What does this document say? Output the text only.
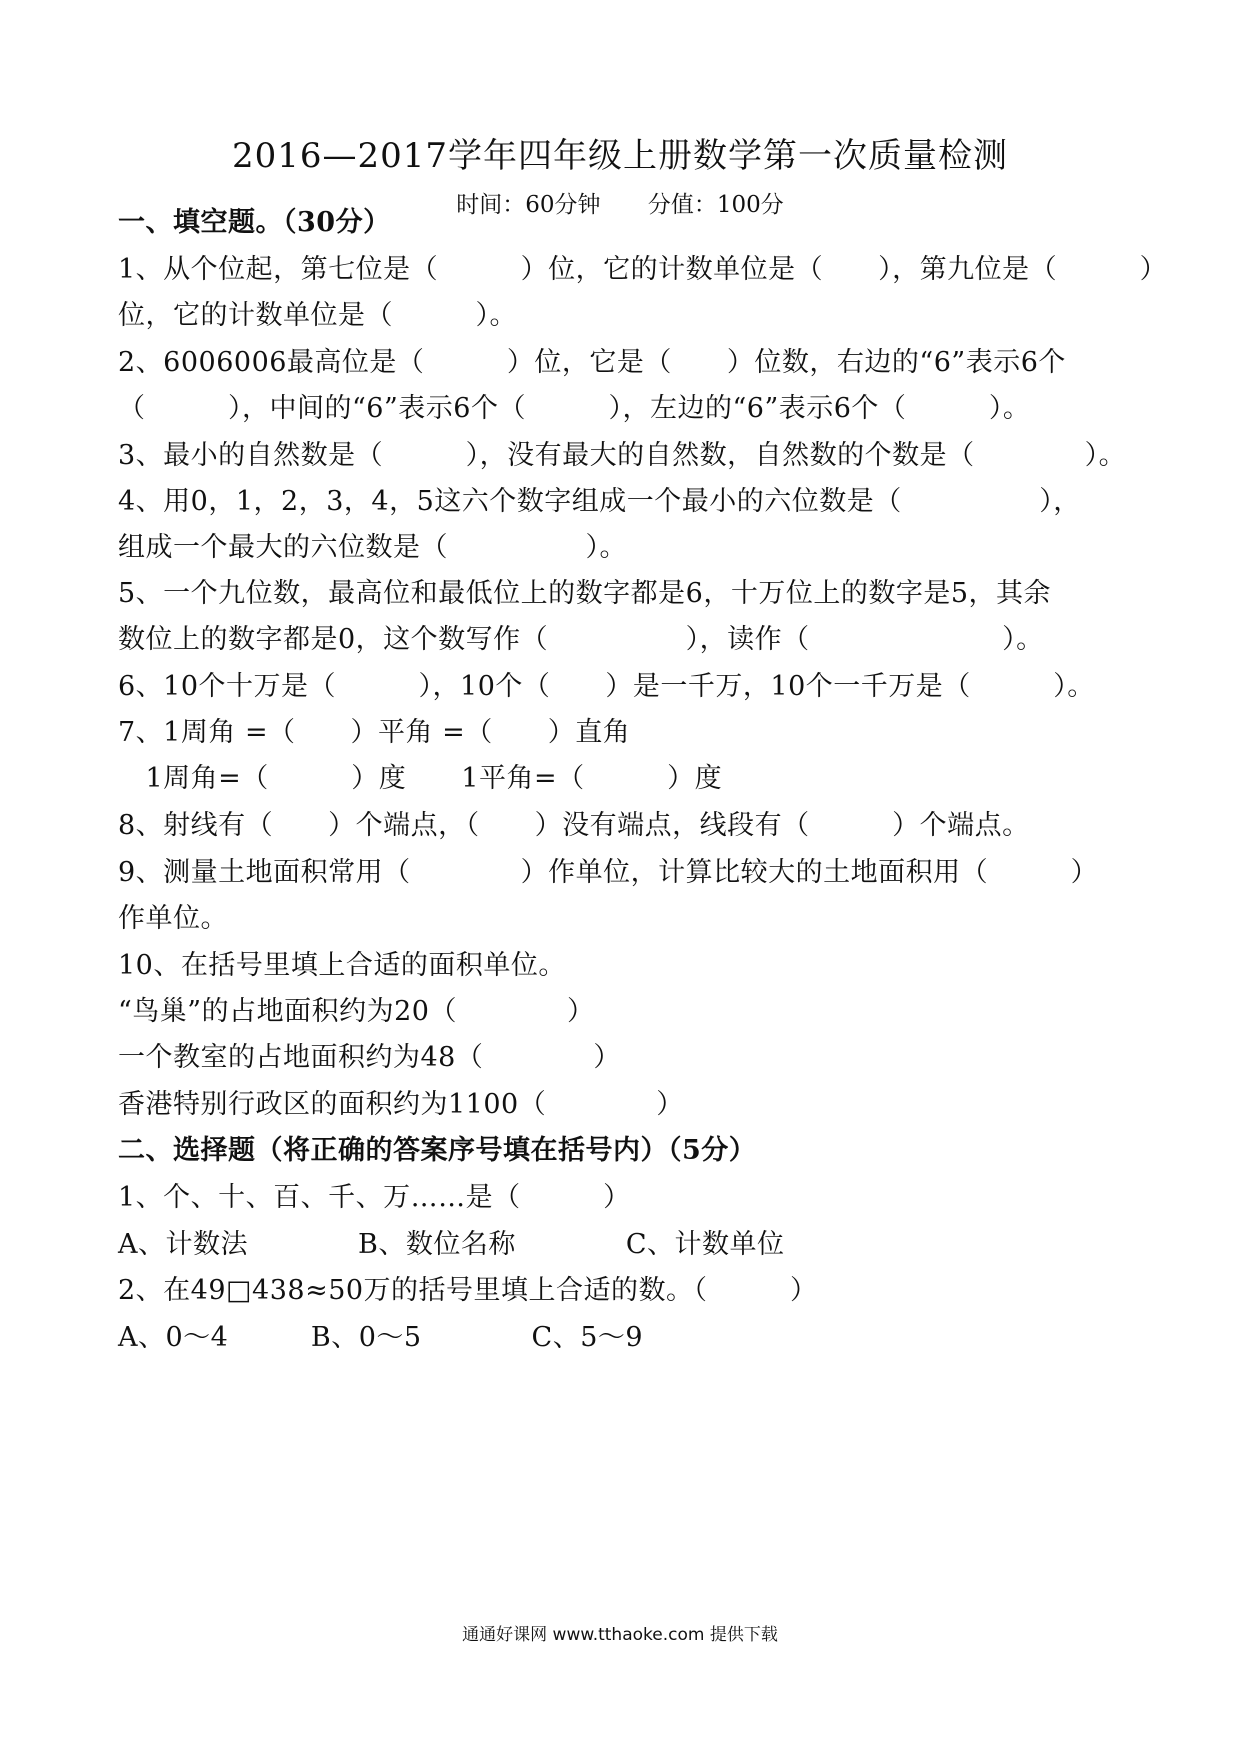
2016—2017学年四年级上册数学第一次质量检测
时间：60分钟 分值：100分
一、填空题。（30分）
1、从个位起，第七位是（　　　）位，它的计数单位是（　　），第九位是（　　　）
位，它的计数单位是（　　　）。
2、6006006最高位是（　　　）位，它是（　　）位数，右边的“6”表示6个
（　　　），中间的“6”表示6个（　　　），左边的“6”表示6个（　　　）。
3、最小的自然数是（　　　），没有最大的自然数，自然数的个数是（　　　　）。
4、用0，1，2，3，4，5这六个数字组成一个最小的六位数是（　　　　　），
组成一个最大的六位数是（　　　　　）。
5、一个九位数，最高位和最低位上的数字都是6，十万位上的数字是5，其余
数位上的数字都是0，这个数写作（　　　　　），读作（　　　　　　　）。
6、10个十万是（　　　），10个（　　）是一千万，10个一千万是（　　　）。
7、1周角 =（　　）平角 =（　　）直角
　1周角=（　　　）度　　1平角=（　　　）度
8、射线有（　　）个端点，（　　）没有端点，线段有（　　　）个端点。
9、测量土地面积常用（　　　　）作单位，计算比较大的土地面积用（　　　）
作单位。
10、在括号里填上合适的面积单位。
“鸟巢”的占地面积约为20（　　　　）
一个教室的占地面积约为48（　　　　）
香港特别行政区的面积约为1100（　　　　）
二、选择题（将正确的答案序号填在括号内）（5分）
1、个、十、百、千、万……是（　　　）
A、计数法　　　　B、数位名称　　　　C、计数单位
2、在49□438≈50万的括号里填上合适的数。（　　　）
A、0～4　　　B、0～5　　　　C、5～9
通通好课网 www.tthaoke.com 提供下载
